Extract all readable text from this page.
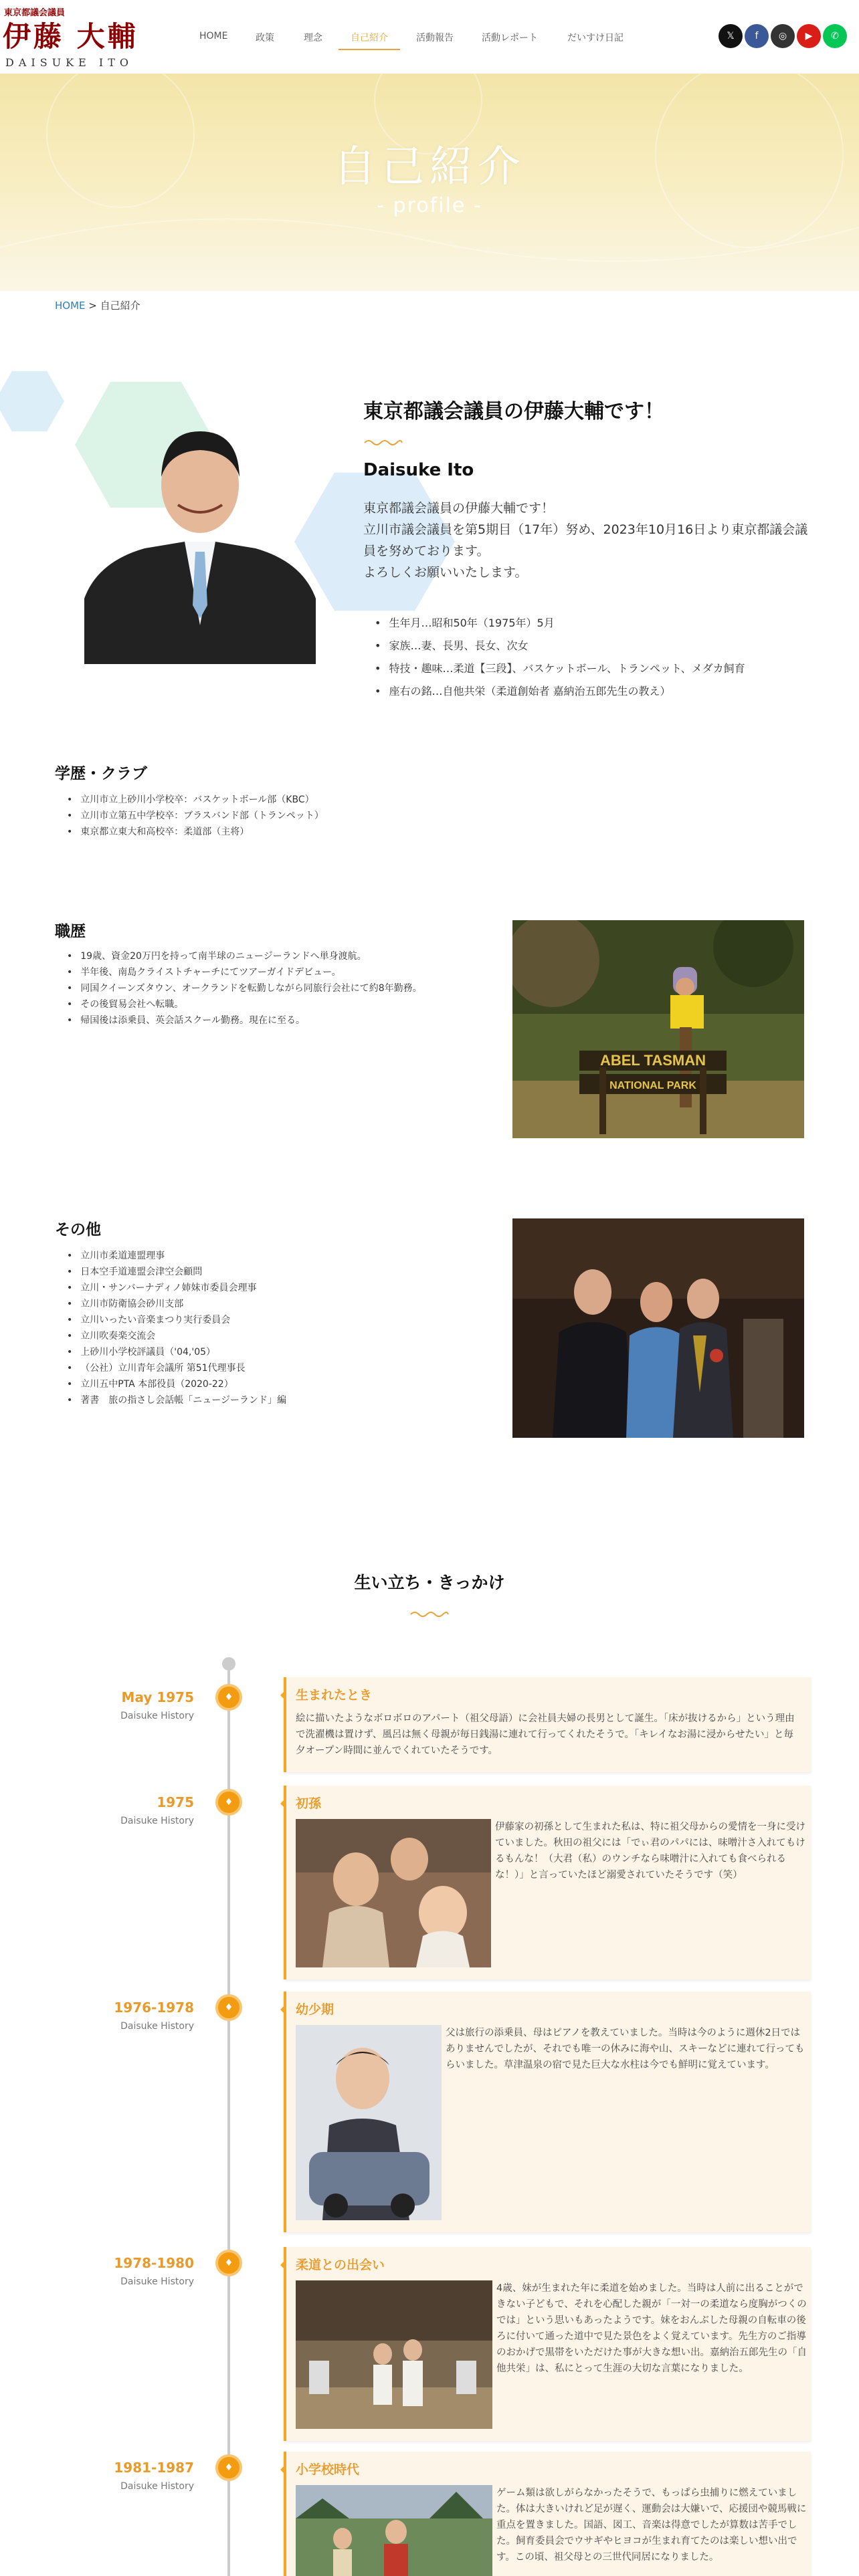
東京都議会議員
伊藤 大輔
DAISUKE ITO
HOME	政策	理念	自己紹介	活動報告	活動レポート	だいすけ日記	𝕏	f	◎	▶	✆
自己紹介
- profile -
HOME > 自己紹介
東京都議会議員の伊藤大輔です！
Daisuke Ito
東京都議会議員の伊藤大輔です！
立川市議会議員を第5期目（17年）努め、2023年10月16日より東京都議会議員を努めております。
よろしくお願いいたします。
• 生年月…昭和50年（1975年）5月
• 家族…妻、長男、長女、次女
• 特技・趣味…柔道【三段】、バスケットボール、トランペット、メダカ飼育
• 座右の銘…自他共栄（柔道創始者 嘉納治五郎先生の教え）
学歴・クラブ
• 立川市立上砂川小学校卒：バスケットボール部（KBC）
• 立川市立第五中学校卒：ブラスバンド部（トランペット）
• 東京都立東大和高校卒：柔道部（主将）
職歴
• 19歳、資金20万円を持って南半球のニュージーランドへ単身渡航。
• 半年後、南島クライストチャーチにてツアーガイドデビュー。
• 同国クイーンズタウン、オークランドを転勤しながら同旅行会社にて約8年勤務。
• その後貿易会社へ転職。
• 帰国後は添乗員、英会話スクール勤務。現在に至る。
ABEL TASMAN
NATIONAL PARK
その他
• 立川市柔道連盟理事
• 日本空手道連盟会津空会顧問
• 立川・サンバーナディノ姉妹市委員会理事
• 立川市防衛協会砂川支部
• 立川いったい音楽まつり実行委員会
• 立川吹奏楽交流会
• 上砂川小学校評議員（'04,'05）
• （公社）立川青年会議所 第51代理事長
• 立川五中PTA 本部役員（2020-22）
• 著書　旅の指さし会話帳「ニュージーランド」編
生い立ち・きっかけ
♦
May 1975
Daisuke History
生まれたとき
絵に描いたようなボロボロのアパート（祖父母語）に会社員夫婦の長男として誕生。「床が抜けるから」という理由で洗濯機は置けず、風呂は無く母親が毎日銭湯に連れて行ってくれたそうで。「キレイなお湯に浸からせたい」と毎夕オープン時間に並んでくれていたそうです。
♦
1975
Daisuke History
初孫
伊藤家の初孫として生まれた私は、特に祖父母からの愛情を一身に受けていました。秋田の祖父には「でぃ君のパパには、味噌汁さ入れてもけるもんな！（大君（私）のウンチなら味噌汁に入れても食べられるな！）」と言っていたほど溺愛されていたそうです（笑）
♦
1976-1978
Daisuke History
幼少期
父は旅行の添乗員、母はピアノを教えていました。当時は今のように週休2日ではありませんでしたが、それでも唯一の休みに海や山、スキーなどに連れて行ってもらいました。草津温泉の宿で見た巨大な水柱は今でも鮮明に覚えています。
♦
1978-1980
Daisuke History
柔道との出会い
4歳、妹が生まれた年に柔道を始めました。当時は人前に出ることができない子どもで、それを心配した親が「一対一の柔道なら度胸がつくのでは」という思いもあったようです。妹をおんぶした母親の自転車の後ろに付いて通った道中で見た景色をよく覚えています。先生方のご指導のおかげで黒帯をいただけた事が大きな想い出。嘉納治五郎先生の「自他共栄」は、私にとって生涯の大切な言葉になりました。
♦
1981-1987
Daisuke History
小学校時代
ゲーム類は欲しがらなかったそうで、もっぱら虫捕りに燃えていました。体は大きいけれど足が遅く、運動会は大嫌いで、応援団や競馬戦に重点を置きました。国語、図工、音楽は得意でしたが算数は苦手でした。飼育委員会でウサギやヒヨコが生まれ育てたのは楽しい想い出です。この頃、祖父母との三世代同居になりました。
